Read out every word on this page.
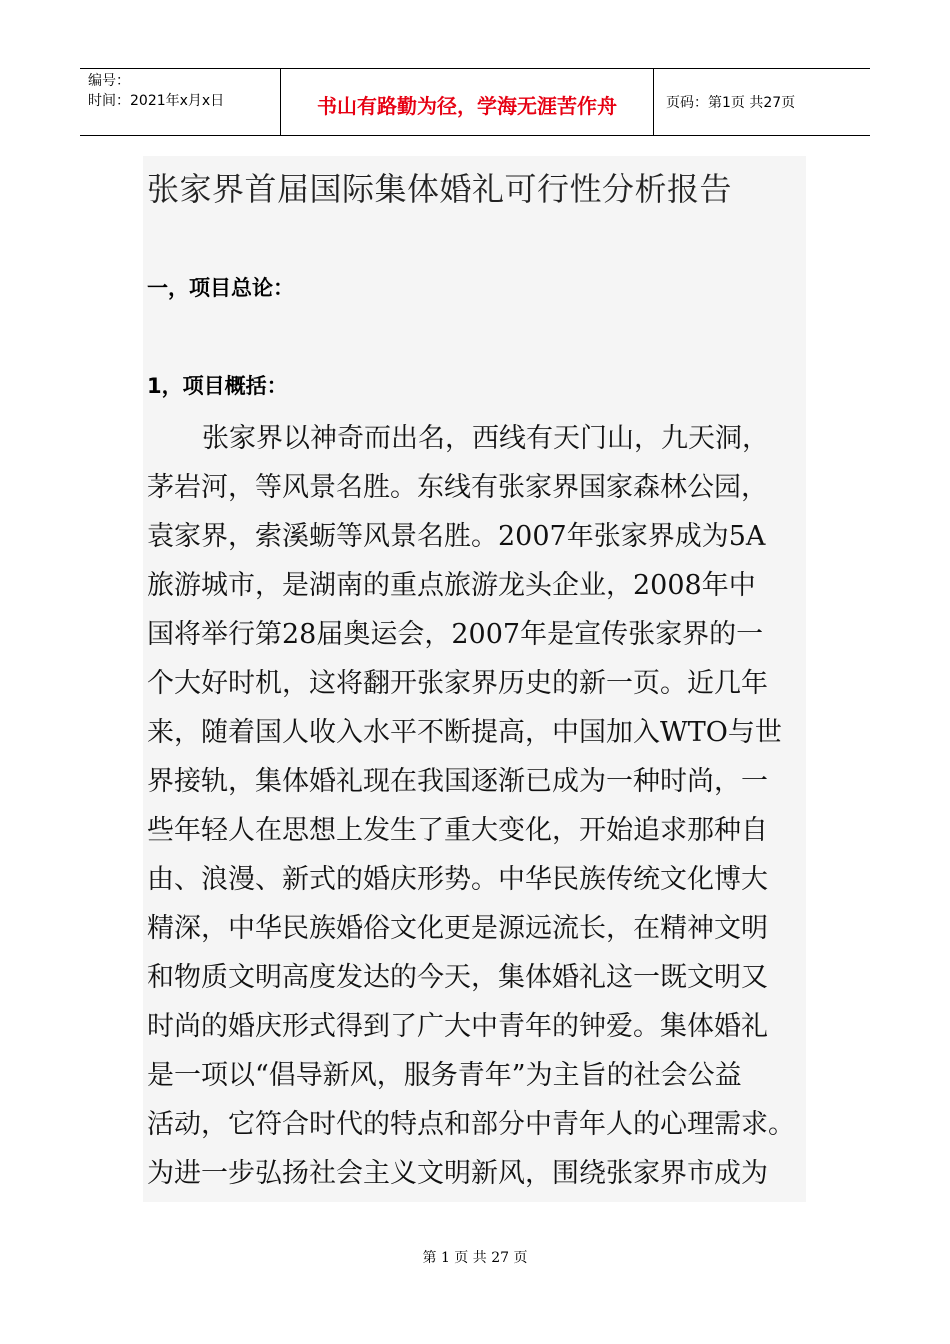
编号：
时间：2021年x月x日	书山有路勤为径，学海无涯苦作舟	页码：第1页 共27页
张家界首届国际集体婚礼可行性分析报告
一，项目总论：
1，项目概括：
张家界以神奇而出名，西线有天门山，九天洞，
茅岩河，等风景名胜。东线有张家界国家森林公园，
袁家界，索溪蛎等风景名胜。2007年张家界成为5A
旅游城市，是湖南的重点旅游龙头企业，2008年中
国将举行第28届奥运会，2007年是宣传张家界的一
个大好时机，这将翻开张家界历史的新一页。近几年
来，随着国人收入水平不断提高，中国加入WTO与世
界接轨，集体婚礼现在我国逐渐已成为一种时尚，一
些年轻人在思想上发生了重大变化，开始追求那种自
由、浪漫、新式的婚庆形势。中华民族传统文化博大
精深，中华民族婚俗文化更是源远流长，在精神文明
和物质文明高度发达的今天，集体婚礼这一既文明又
时尚的婚庆形式得到了广大中青年的钟爱。集体婚礼
是一项以“倡导新风，服务青年”为主旨的社会公益
活动，它符合时代的特点和部分中青年人的心理需求。
为进一步弘扬社会主义文明新风，围绕张家界市成为
第 1 页 共 27 页
